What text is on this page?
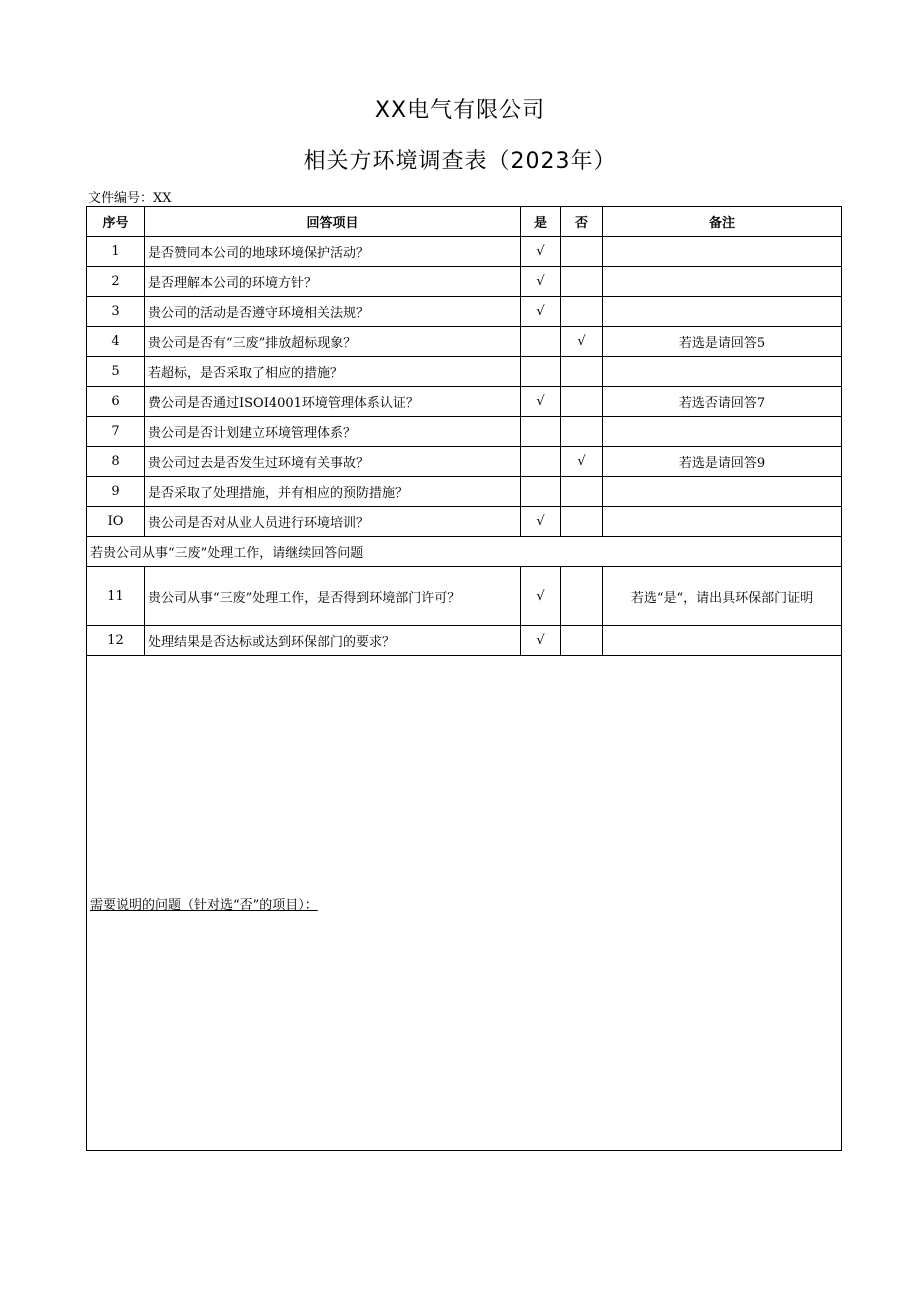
XX电气有限公司
相关方环境调查表（2023年）
文件编号：XX
序号	回答项目	是	否	备注
1	是否赞同本公司的地球环境保护活动？	√		
2	是否理解本公司的环境方针？	√		
3	贵公司的活动是否遵守环境相关法规？	√		
4	贵公司是否有“三废”排放超标现象？		√	若选是请回答5
5	若超标，是否采取了相应的措施？			
6	费公司是否通过ISOI4001环境管理体系认证？	√		若选否请回答7
7	贵公司是否计划建立环境管理体系？			
8	贵公司过去是否发生过环境有关事故？		√	若选是请回答9
9	是否采取了处理措施，并有相应的预防措施？			
IO	贵公司是否对从业人员进行环境培训？	√		
若贵公司从事“三废”处理工作，请继续回答问题				
11	贵公司从事“三废”处理工作，是否得到环境部门许可？	√		若选“是“，请出具环保部门证明
12	处理结果是否达标或达到环保部门的要求？	√		
需要说明的问题（针对选“否”的项目）：				
